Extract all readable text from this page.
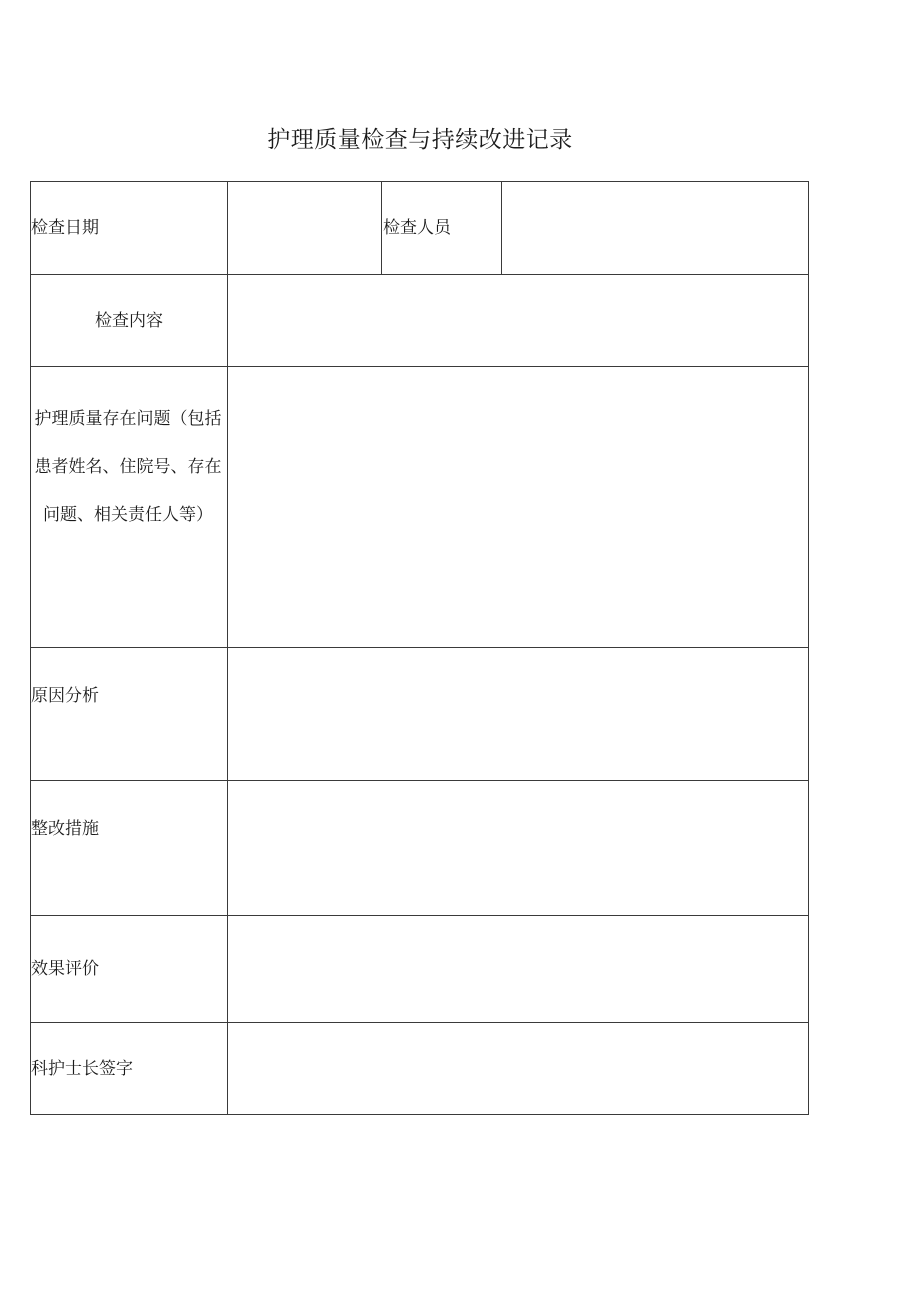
护理质量检查与持续改进记录
检查日期	检查人员
检查内容
护理质量存在问题（包括患者姓名、住院号、存在问题、相关责任人等）
原因分析
整改措施
效果评价
科护士长签字
